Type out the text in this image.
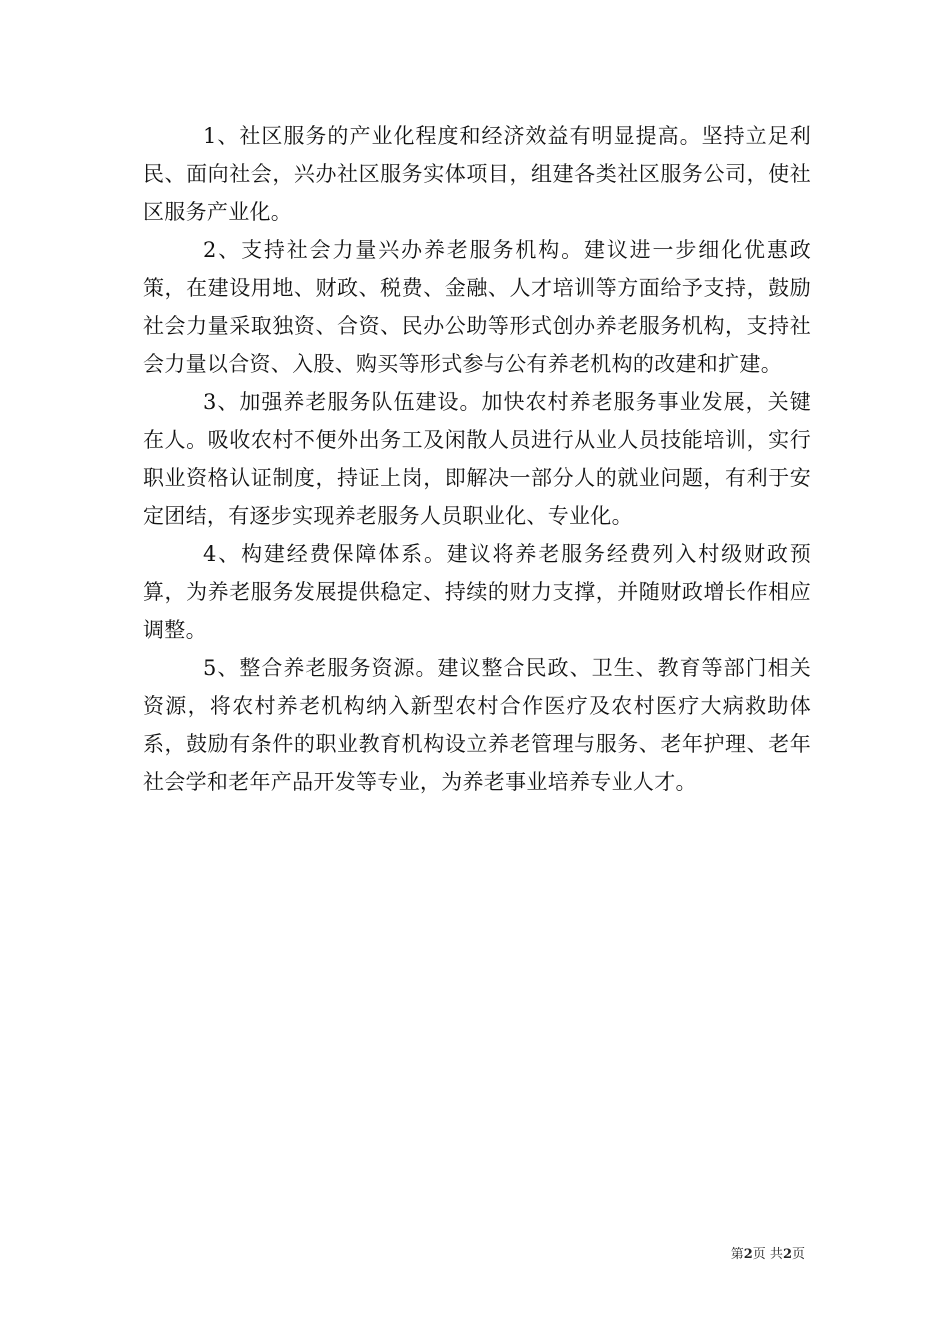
1、社区服务的产业化程度和经济效益有明显提高。坚持立足利民、面向社会，兴办社区服务实体项目，组建各类社区服务公司，使社区服务产业化。

2、支持社会力量兴办养老服务机构。建议进一步细化优惠政策，在建设用地、财政、税费、金融、人才培训等方面给予支持，鼓励社会力量采取独资、合资、民办公助等形式创办养老服务机构，支持社会力量以合资、入股、购买等形式参与公有养老机构的改建和扩建。

3、加强养老服务队伍建设。加快农村养老服务事业发展，关键在人。吸收农村不便外出务工及闲散人员进行从业人员技能培训，实行职业资格认证制度，持证上岗，即解决一部分人的就业问题，有利于安定团结，有逐步实现养老服务人员职业化、专业化。

4、构建经费保障体系。建议将养老服务经费列入村级财政预算，为养老服务发展提供稳定、持续的财力支撑，并随财政增长作相应调整。

5、整合养老服务资源。建议整合民政、卫生、教育等部门相关资源，将农村养老机构纳入新型农村合作医疗及农村医疗大病救助体系，鼓励有条件的职业教育机构设立养老管理与服务、老年护理、老年社会学和老年产品开发等专业，为养老事业培养专业人才。

第2页 共2页
